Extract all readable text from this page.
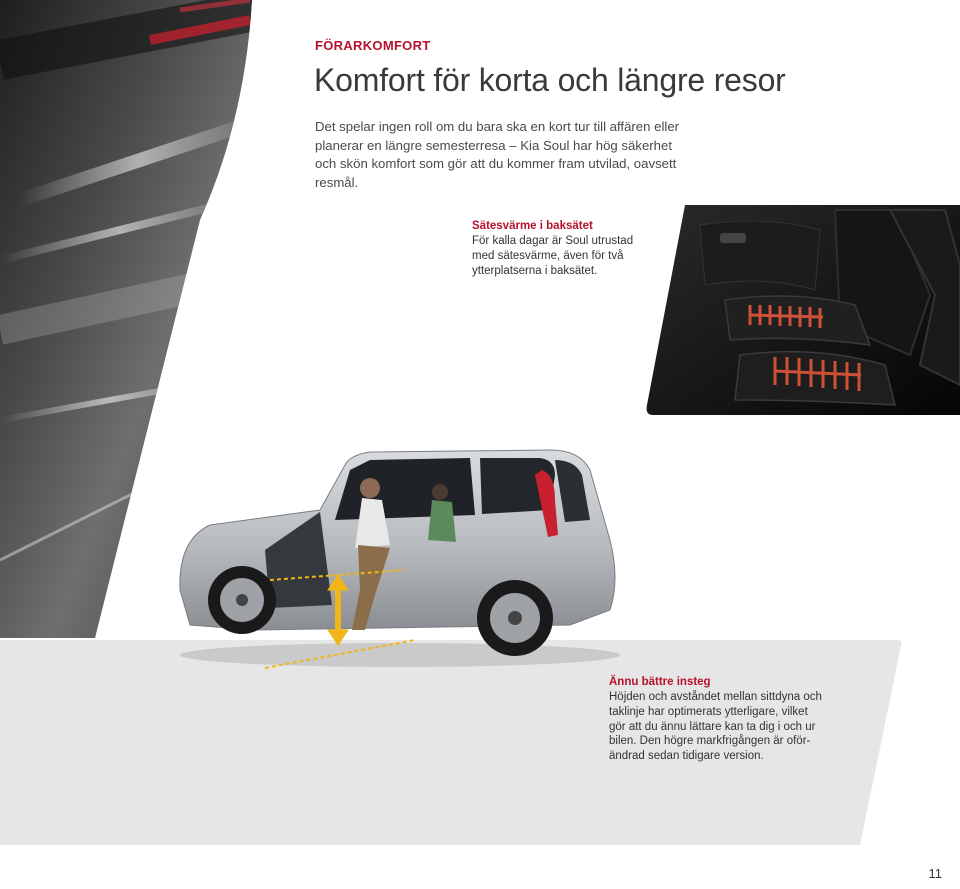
FÖRARKOMFORT
Komfort för korta och längre resor

Det spelar ingen roll om du bara ska en kort tur till affären eller
planerar en längre semesterresa – Kia Soul har hög säkerhet
och skön komfort som gör att du kommer fram utvilad, oavsett
resmål.

Sätesvärme i baksätet

För kalla dagar är Soul utrustad
med sätesvärme, även för två
ytterplatserna i baksätet.

Ännu bättre insteg

Höjden och avståndet mellan sittdyna och
taklinje har optimerats ytterligare, vilket
gör att du ännu lättare kan ta dig i och ur
bilen. Den högre markfrigången är oför-
ändrad sedan tidigare version.

11
